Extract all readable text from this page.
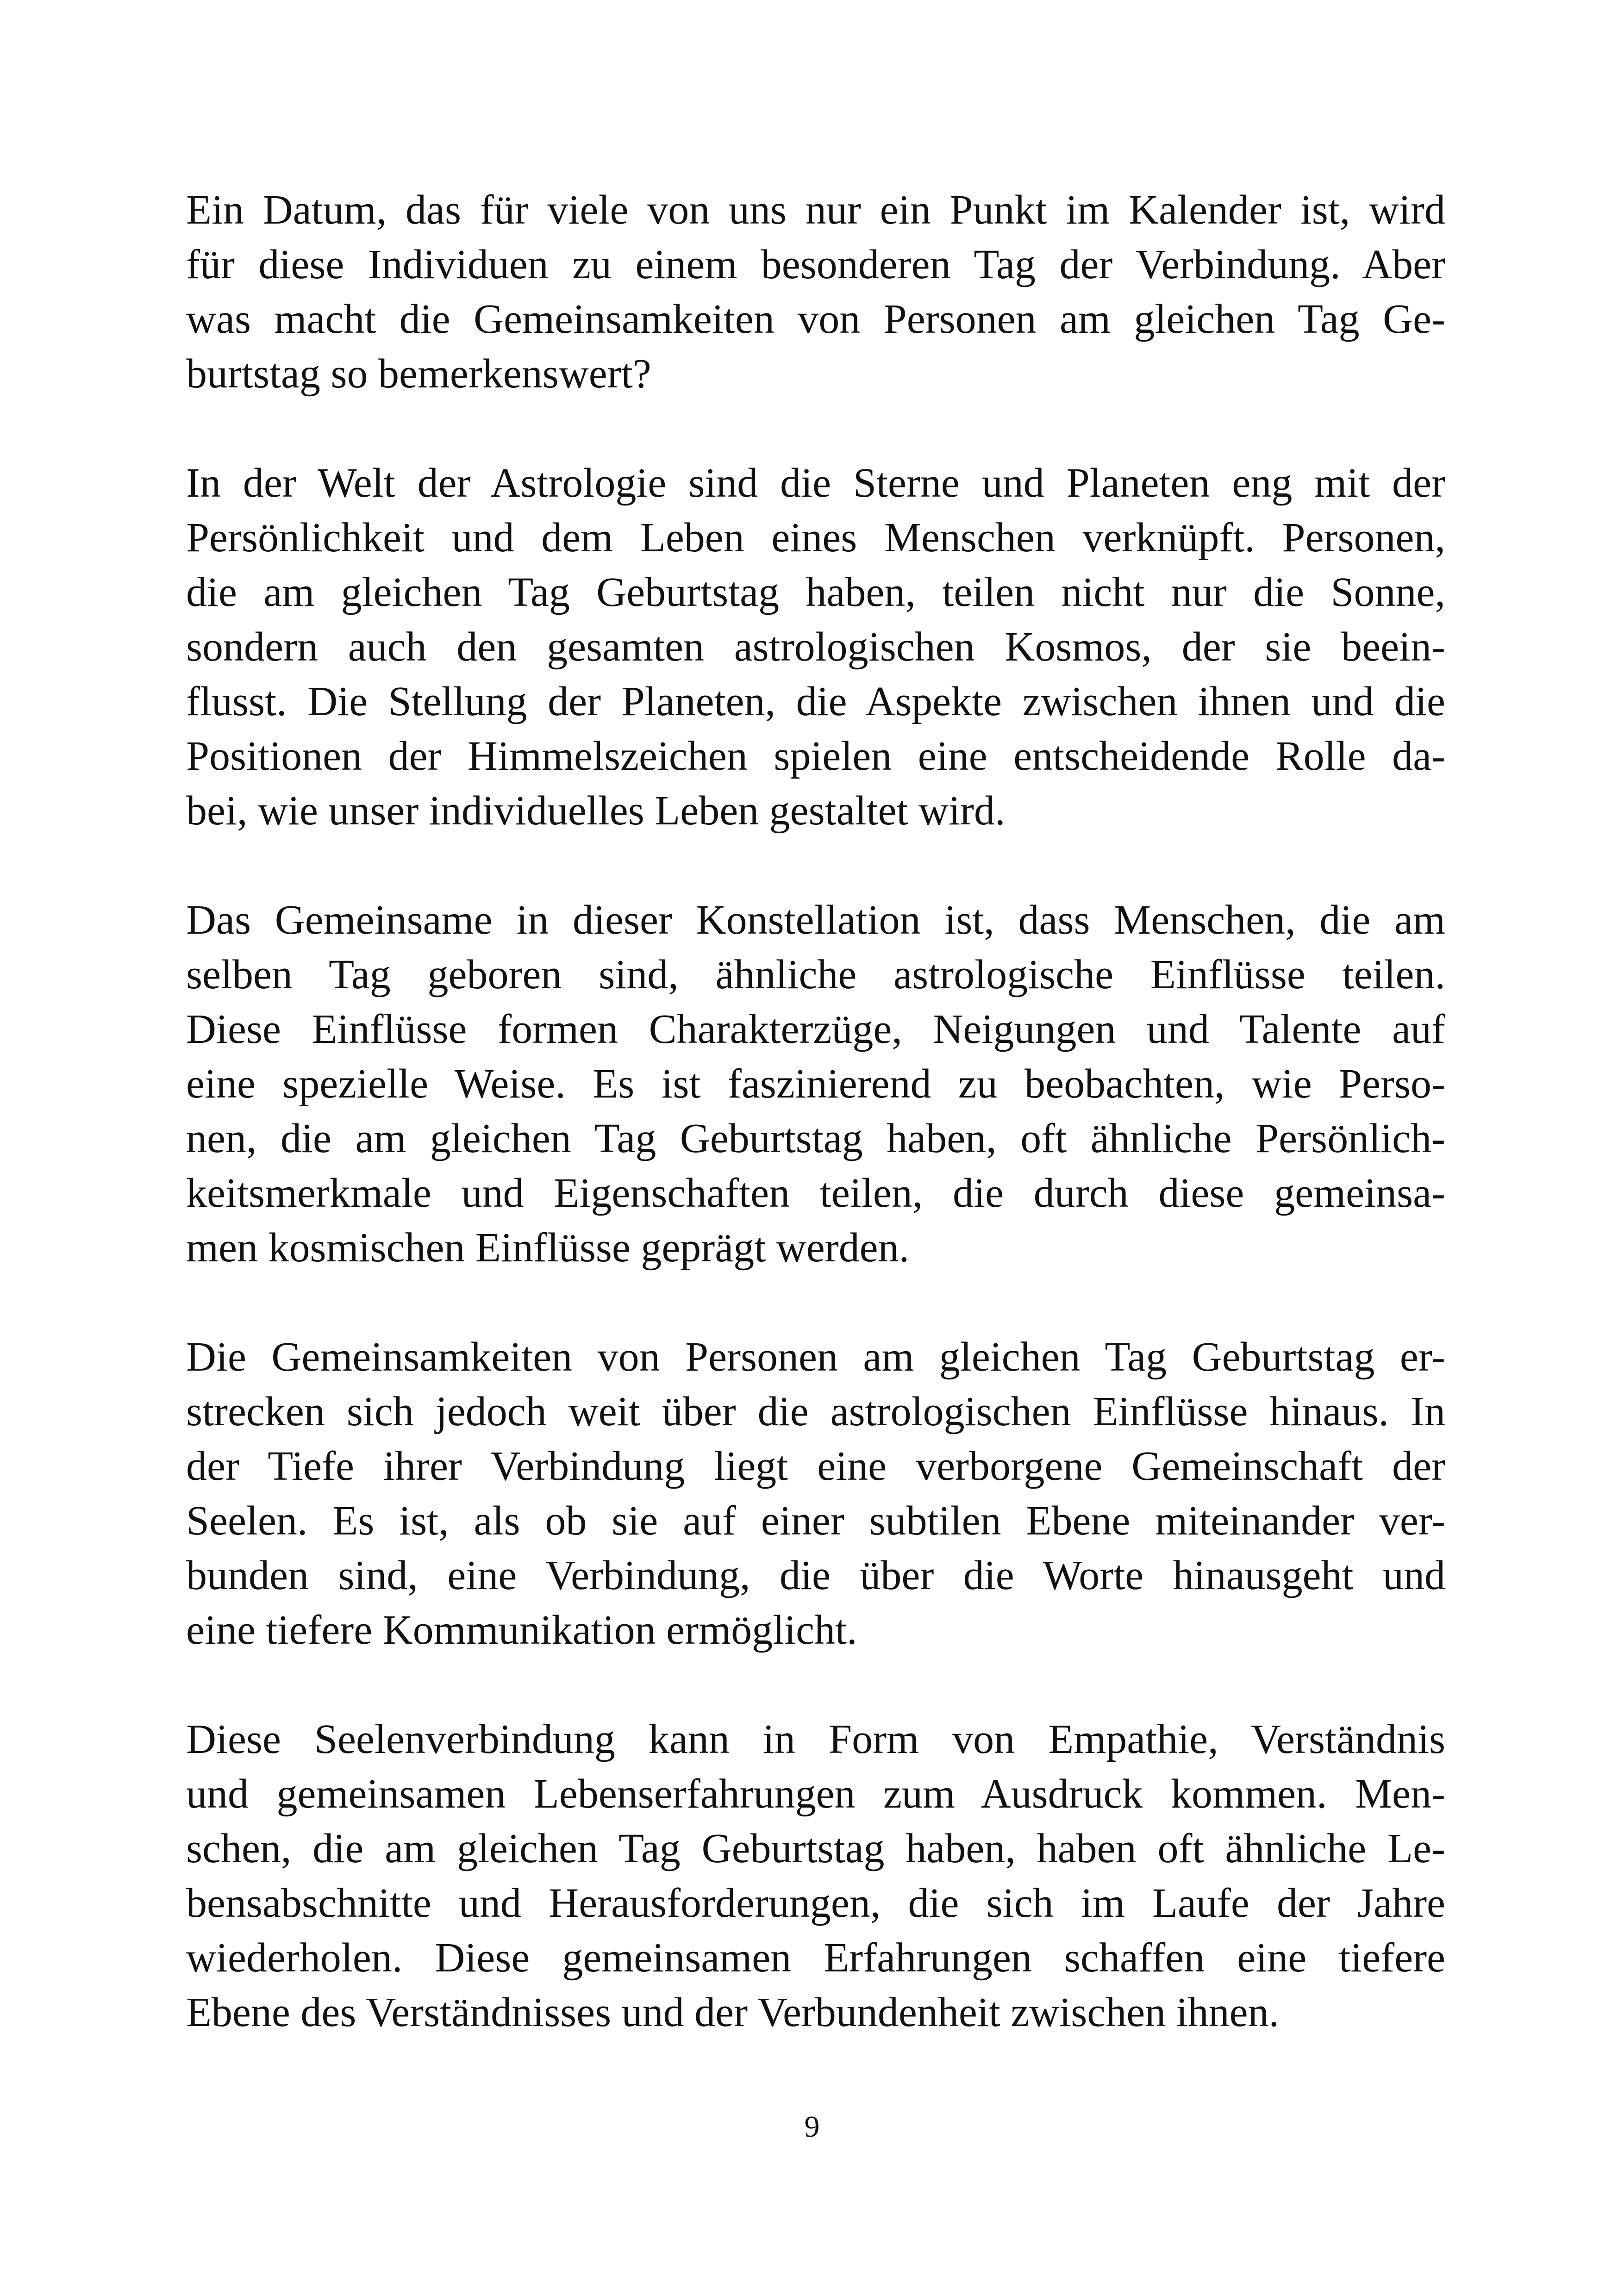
Ein Datum, das für viele von uns nur ein Punkt im Kalender ist, wird
für diese Individuen zu einem besonderen Tag der Verbindung. Aber
was macht die Gemeinsamkeiten von Personen am gleichen Tag Ge-
burtstag so bemerkenswert?
In der Welt der Astrologie sind die Sterne und Planeten eng mit der
Persönlichkeit und dem Leben eines Menschen verknüpft. Personen,
die am gleichen Tag Geburtstag haben, teilen nicht nur die Sonne,
sondern auch den gesamten astrologischen Kosmos, der sie beein-
flusst. Die Stellung der Planeten, die Aspekte zwischen ihnen und die
Positionen der Himmelszeichen spielen eine entscheidende Rolle da-
bei, wie unser individuelles Leben gestaltet wird.
Das Gemeinsame in dieser Konstellation ist, dass Menschen, die am
selben Tag geboren sind, ähnliche astrologische Einflüsse teilen.
Diese Einflüsse formen Charakterzüge, Neigungen und Talente auf
eine spezielle Weise. Es ist faszinierend zu beobachten, wie Perso-
nen, die am gleichen Tag Geburtstag haben, oft ähnliche Persönlich-
keitsmerkmale und Eigenschaften teilen, die durch diese gemeinsa-
men kosmischen Einflüsse geprägt werden.
Die Gemeinsamkeiten von Personen am gleichen Tag Geburtstag er-
strecken sich jedoch weit über die astrologischen Einflüsse hinaus. In
der Tiefe ihrer Verbindung liegt eine verborgene Gemeinschaft der
Seelen. Es ist, als ob sie auf einer subtilen Ebene miteinander ver-
bunden sind, eine Verbindung, die über die Worte hinausgeht und
eine tiefere Kommunikation ermöglicht.
Diese Seelenverbindung kann in Form von Empathie, Verständnis
und gemeinsamen Lebenserfahrungen zum Ausdruck kommen. Men-
schen, die am gleichen Tag Geburtstag haben, haben oft ähnliche Le-
bensabschnitte und Herausforderungen, die sich im Laufe der Jahre
wiederholen. Diese gemeinsamen Erfahrungen schaffen eine tiefere
Ebene des Verständnisses und der Verbundenheit zwischen ihnen.
9
